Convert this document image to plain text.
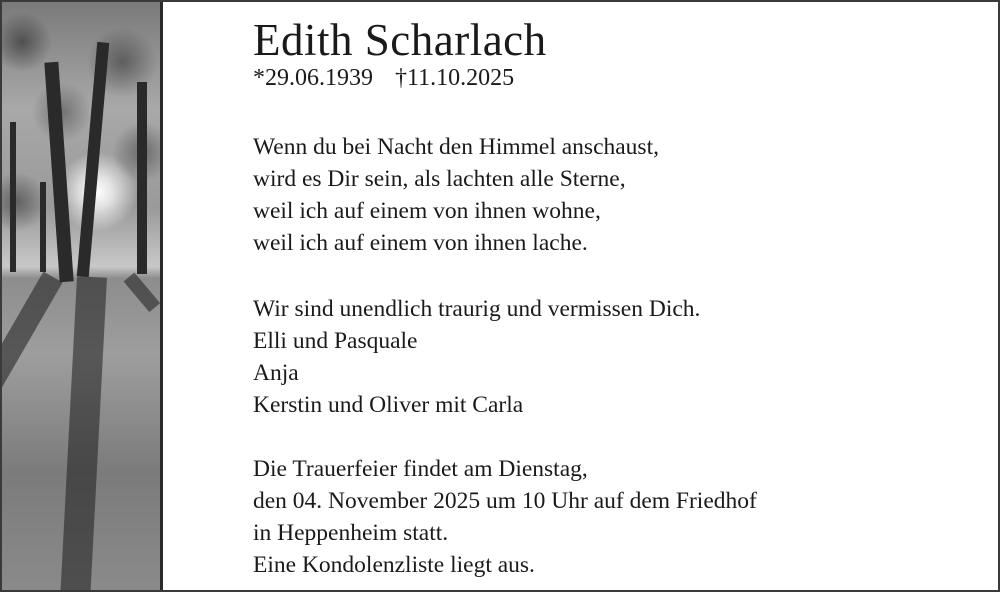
Edith Scharlach
*29.06.1939 †11.10.2025
Wenn du bei Nacht den Himmel anschaust,
wird es Dir sein, als lachten alle Sterne,
weil ich auf einem von ihnen wohne,
weil ich auf einem von ihnen lache.
Wir sind unendlich traurig und vermissen Dich.
Elli und Pasquale
Anja
Kerstin und Oliver mit Carla
Die Trauerfeier findet am Dienstag,
den 04. November 2025 um 10 Uhr auf dem Friedhof
in Heppenheim statt.
Eine Kondolenzliste liegt aus.
